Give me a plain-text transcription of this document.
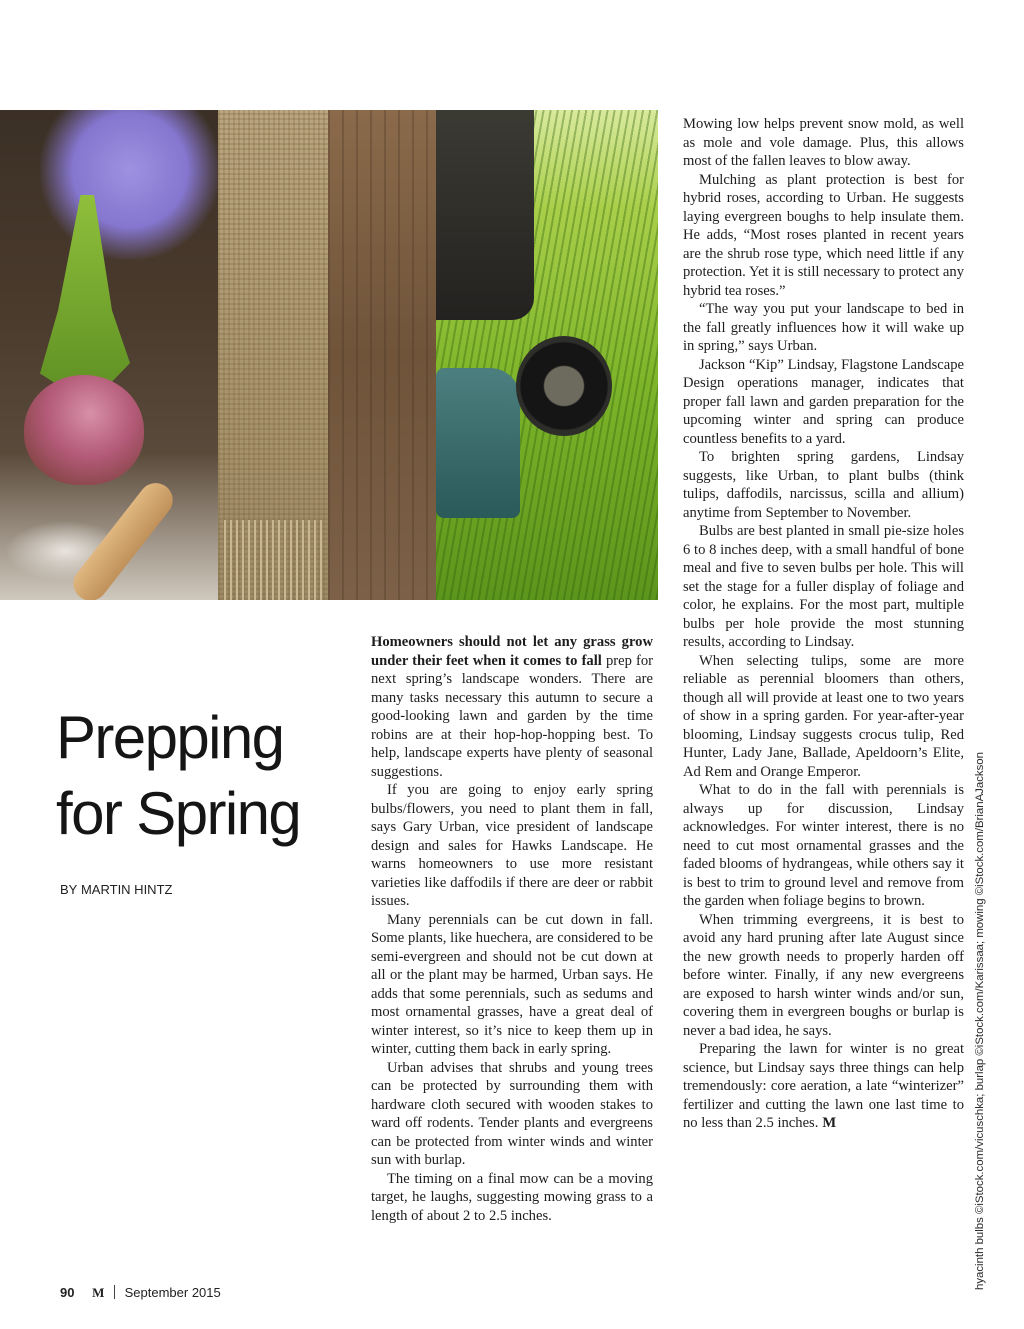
Prepping
for Spring
BY MARTIN HINTZ

Homeowners should not let any grass grow under their feet when it comes to fall prep for next spring’s landscape wonders. There are many tasks necessary this autumn to secure a good-looking lawn and garden by the time robins are at their hop-hop-hopping best. To help, landscape experts have plenty of seasonal suggestions.

If you are going to enjoy early spring bulbs/flowers, you need to plant them in fall, says Gary Urban, vice president of landscape design and sales for Hawks Landscape. He warns homeowners to use more resistant varieties like daffodils if there are deer or rabbit issues.

Many perennials can be cut down in fall. Some plants, like huechera, are considered to be semi-evergreen and should not be cut down at all or the plant may be harmed, Urban says. He adds that some perennials, such as sedums and most ornamental grasses, have a great deal of winter interest, so it’s nice to keep them up in winter, cutting them back in early spring.

Urban advises that shrubs and young trees can be protected by surrounding them with hardware cloth secured with wooden stakes to ward off rodents. Tender plants and evergreens can be protected from winter winds and winter sun with burlap.

The timing on a final mow can be a moving target, he laughs, suggesting mowing grass to a length of about 2 to 2.5 inches.

Mowing low helps prevent snow mold, as well as mole and vole damage. Plus, this allows most of the fallen leaves to blow away.

Mulching as plant protection is best for hybrid roses, according to Urban. He suggests laying evergreen boughs to help insulate them. He adds, “Most roses planted in recent years are the shrub rose type, which need little if any protection. Yet it is still necessary to protect any hybrid tea roses.”

“The way you put your landscape to bed in the fall greatly influences how it will wake up in spring,” says Urban.

Jackson “Kip” Lindsay, Flagstone Landscape Design operations manager, indicates that proper fall lawn and garden preparation for the upcoming winter and spring can produce countless benefits to a yard.

To brighten spring gardens, Lindsay suggests, like Urban, to plant bulbs (think tulips, daffodils, narcissus, scilla and allium) anytime from September to November.

Bulbs are best planted in small pie-size holes 6 to 8 inches deep, with a small handful of bone meal and five to seven bulbs per hole. This will set the stage for a fuller display of foliage and color, he explains. For the most part, multiple bulbs per hole provide the most stunning results, according to Lindsay.

When selecting tulips, some are more reliable as perennial bloomers than others, though all will provide at least one to two years of show in a spring garden. For year-after-year blooming, Lindsay suggests crocus tulip, Red Hunter, Lady Jane, Ballade, Apeldoorn’s Elite, Ad Rem and Orange Emperor.

What to do in the fall with perennials is always up for discussion, Lindsay acknowledges. For winter interest, there is no need to cut most ornamental grasses and the faded blooms of hydrangeas, while others say it is best to trim to ground level and remove from the garden when foliage begins to brown.

When trimming evergreens, it is best to avoid any hard pruning after late August since the new growth needs to properly harden off before winter. Finally, if any new evergreens are exposed to harsh winter winds and/or sun, covering them in evergreen boughs or burlap is never a bad idea, he says.

Preparing the lawn for winter is no great science, but Lindsay says three things can help tremendously: core aeration, a late “winterizer” fertilizer and cutting the lawn one last time to no less than 2.5 inches. M	hyacinth bulbs ©iStock.com/vicuschka; burlap ©iStock.com/Karissaa; mowing ©iStock.com/BrianAJackson
90 M September 2015
